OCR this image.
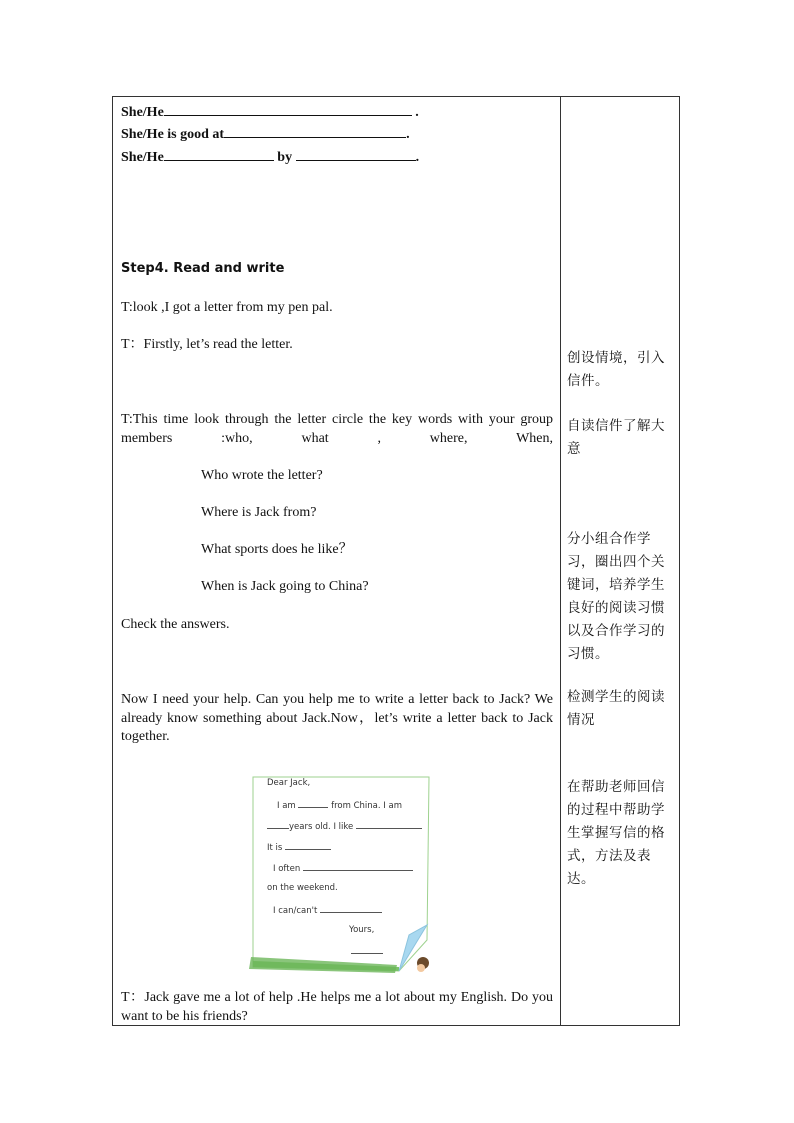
She/He	.
She/He is good at	.
She/He	by	.
Step4. Read and write
T:look ,I got a letter from my pen pal.
T：Firstly, let’s read the letter.
T:This time look through the letter circle the key words with your group members :who, what , where, When,
Who wrote the letter?
Where is Jack from?
What sports does he like？
When is Jack going to China?
Check the answers.
Now I need your help. Can you help me to write a letter back to Jack? We already know something about Jack.Now，let’s write a letter back to Jack together.
Dear Jack,
I am	from China. I am
years old. I like
It is
I often
on the weekend.
I can/can't
Yours,
T：Jack gave me a lot of help .He helps me a lot about my English. Do you want to be his friends?
创设情境，引入信件。
自读信件了解大意
分小组合作学习，圈出四个关键词，培养学生良好的阅读习惯以及合作学习的习惯。
检测学生的阅读情况
在帮助老师回信的过程中帮助学生掌握写信的格式，方法及表达。
